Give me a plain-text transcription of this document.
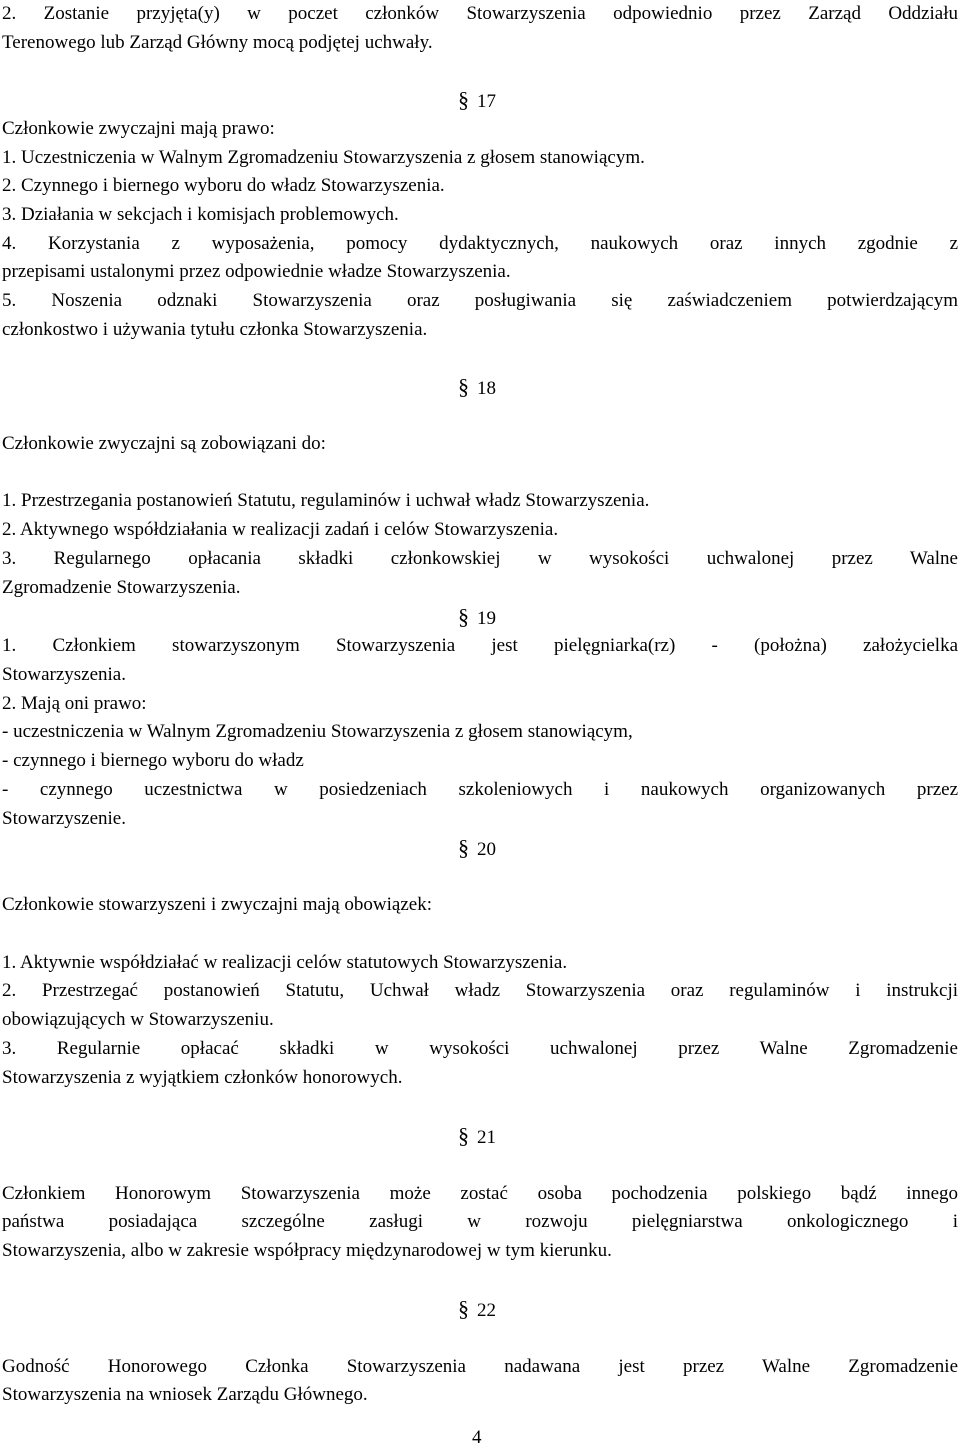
2. Zostanie przyjęta(y) w poczet członków Stowarzyszenia odpowiednio przez Zarząd Oddziału
Terenowego lub Zarząd Główny mocą podjętej uchwały.
§ 17
Członkowie zwyczajni mają prawo:
1. Uczestniczenia w Walnym Zgromadzeniu Stowarzyszenia z głosem stanowiącym.
2. Czynnego i biernego wyboru do władz Stowarzyszenia.
3. Działania w sekcjach i komisjach problemowych.
4. Korzystania z wyposażenia, pomocy dydaktycznych, naukowych oraz innych zgodnie z
przepisami ustalonymi przez odpowiednie władze Stowarzyszenia.
5. Noszenia odznaki Stowarzyszenia oraz posługiwania się zaświadczeniem potwierdzającym
członkostwo i używania tytułu członka Stowarzyszenia.
§ 18
Członkowie zwyczajni są zobowiązani do:
1. Przestrzegania postanowień Statutu, regulaminów i uchwał władz Stowarzyszenia.
2. Aktywnego współdziałania w realizacji zadań i celów Stowarzyszenia.
3. Regularnego opłacania składki członkowskiej w wysokości uchwalonej przez Walne
Zgromadzenie Stowarzyszenia.
§ 19
1. Członkiem stowarzyszonym Stowarzyszenia jest pielęgniarka(rz) - (położna) założycielka
Stowarzyszenia.
2. Mają oni prawo:
- uczestniczenia w Walnym Zgromadzeniu Stowarzyszenia z głosem stanowiącym,
- czynnego i biernego wyboru do władz
- czynnego uczestnictwa w posiedzeniach szkoleniowych i naukowych organizowanych przez
Stowarzyszenie.
§ 20
Członkowie stowarzyszeni i zwyczajni mają obowiązek:
1. Aktywnie współdziałać w realizacji celów statutowych Stowarzyszenia.
2. Przestrzegać postanowień Statutu, Uchwał władz Stowarzyszenia oraz regulaminów i instrukcji
obowiązujących w Stowarzyszeniu.
3. Regularnie opłacać składki w wysokości uchwalonej przez Walne Zgromadzenie
Stowarzyszenia z wyjątkiem członków honorowych.
§ 21
Członkiem Honorowym Stowarzyszenia może zostać osoba pochodzenia polskiego bądź innego
państwa posiadająca szczególne zasługi w rozwoju pielęgniarstwa onkologicznego i
Stowarzyszenia, albo w zakresie współpracy międzynarodowej w tym kierunku.
§ 22
Godność Honorowego Członka Stowarzyszenia nadawana jest przez Walne Zgromadzenie
Stowarzyszenia na wniosek Zarządu Głównego.
4
